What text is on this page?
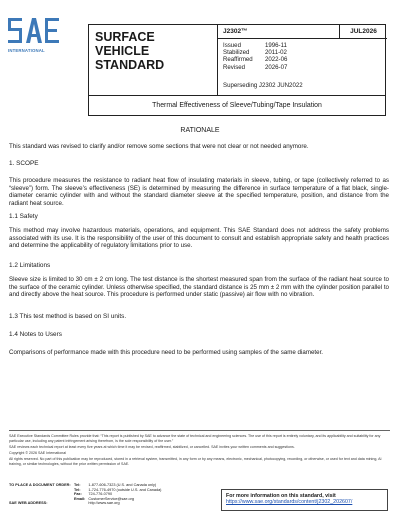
INTERNATIONAL
SURFACE VEHICLE
STANDARD
J2302™	JUL2026
Issued	1996-11
Stabilized	2011-02
Reaffirmed	2022-06
Revised	2026-07
Superseding J2302 JUN2022
Thermal Effectiveness of Sleeve/Tubing/Tape Insulation
RATIONALE
This standard was revised to clarify and/or remove some sections that were not clear or not needed anymore.
1. SCOPE
This procedure measures the resistance to radiant heat flow of insulating materials in sleeve, tubing, or tape (collectively referred to as “sleeve”) form. The sleeve’s effectiveness (SE) is determined by measuring the difference in surface temperature of a flat black, single-diameter ceramic cylinder with and without the standard diameter sleeve at the specified temperature, position, and distance from the radiant heat source.
1.1 Safety
This method may involve hazardous materials, operations, and equipment. This SAE Standard does not address the safety problems associated with its use. It is the responsibility of the user of this document to consult and establish appropriate safety and health practices and determine the applicability of regulatory limitations prior to use.
1.2 Limitations
Sleeve size is limited to 30 cm ± 2 cm long. The test distance is the shortest measured span from the surface of the radiant heat source to the surface of the ceramic cylinder. Unless otherwise specified, the standard distance is 25 mm ± 2 mm with the cylinder position parallel to and directly above the heat source. This procedure is performed under static (passive) air flow with no vibration.
1.3 This test method is based on SI units.
1.4 Notes to Users
Comparisons of performance made with this procedure need to be performed using samples of the same diameter.
SAE Executive Standards Committee Rules provide that: “This report is published by SAE to advance the state of technical and engineering sciences. The use of this report is entirely voluntary, and its applicability and suitability for any particular use, including any patent infringement arising therefrom, is the sole responsibility of the user.”
SAE reviews each technical report at least every five years at which time it may be revised, reaffirmed, stabilized, or cancelled. SAE invites your written comments and suggestions.
Copyright © 2026 SAE International
All rights reserved. No part of this publication may be reproduced, stored in a retrieval system, transmitted, in any form or by any means, electronic, mechanical, photocopying, recording, or otherwise, or used for text and data mining, AI training, or similar technologies, without the prior written permission of SAE.
TO PLACE A DOCUMENT ORDER:	Tel:	1-877-606-7323 (U.S. and Canada only)
	Tel:	1-724-776-4970 (outside U.S. and Canada)
	Fax:	724-776-0790
	Email:	CustomerService@sae.org
SAE WEB ADDRESS:		http://www.sae.org
For more information on this standard, visit
https://www.sae.org/standards/content/j2302_202607/
